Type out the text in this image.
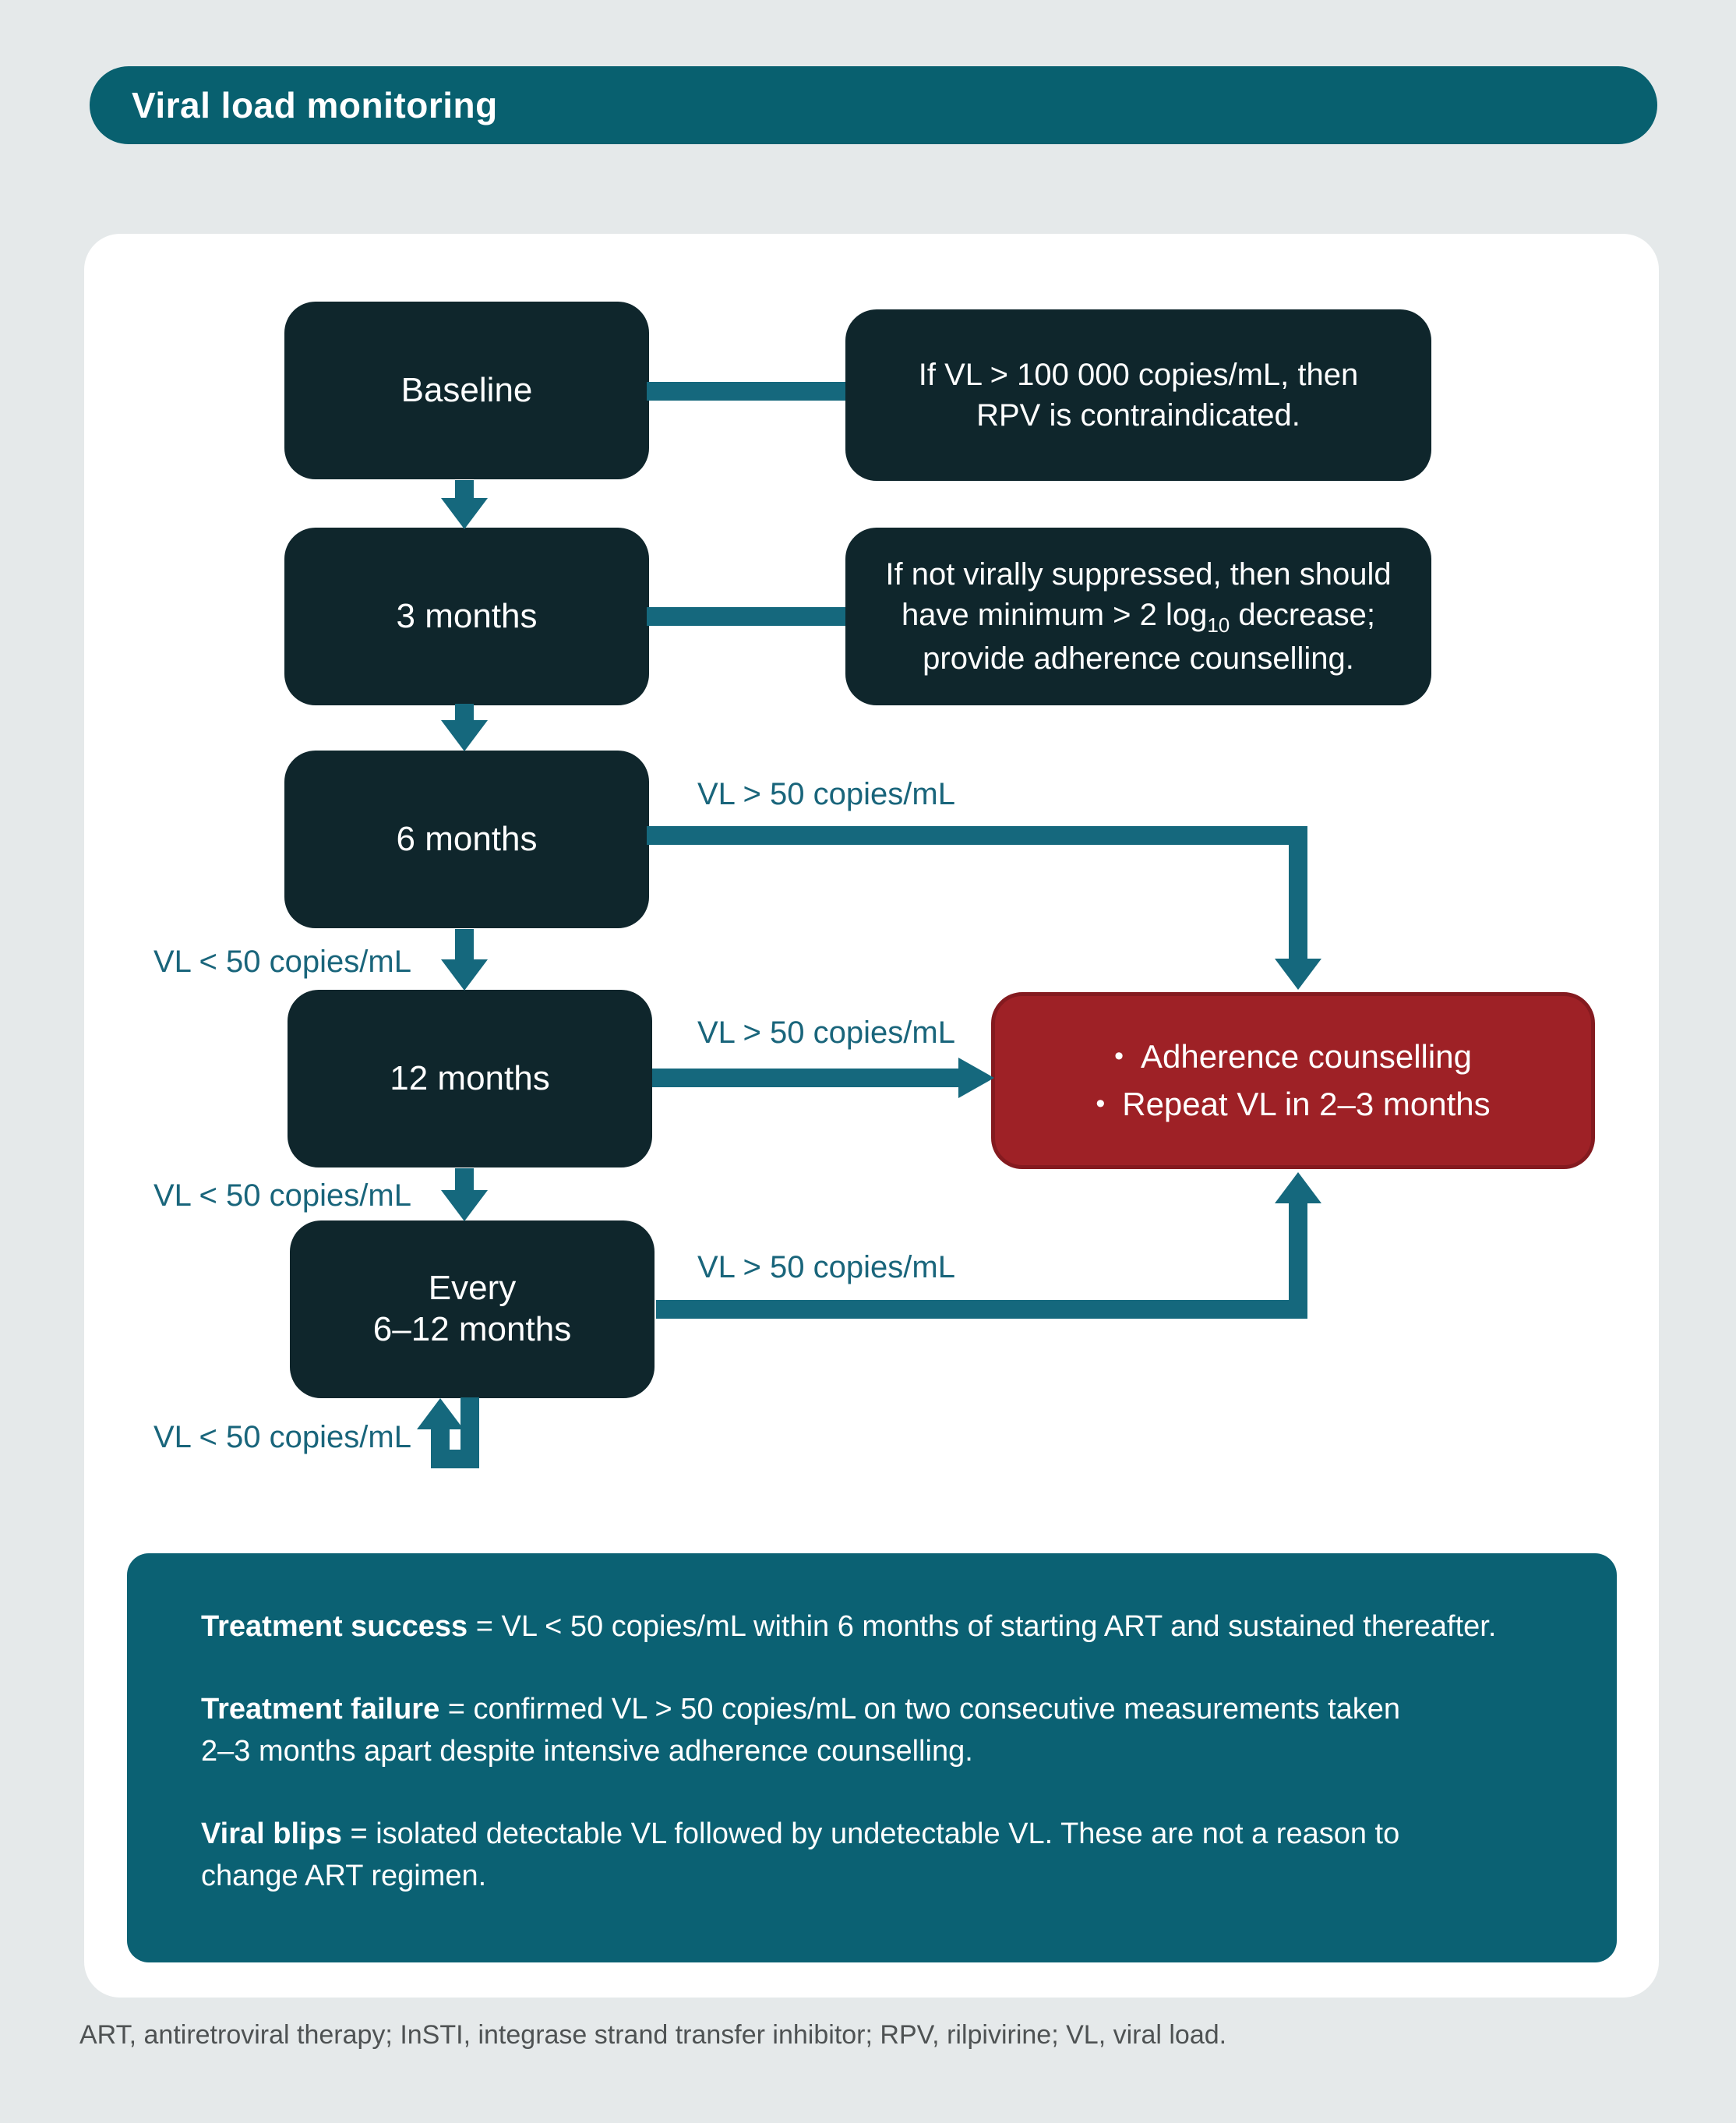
Viral load monitoring
Baseline
3 months
6 months
12 months
Every
6–12 months
If VL > 100 000 copies/mL, then
RPV is contraindicated.
If not virally suppressed, then should
have minimum > 2 $\log_{10}$ decrease;
provide adherence counselling.
• Adherence counselling
• Repeat VL in 2–3 months
VL > 50 copies/mL
VL > 50 copies/mL
VL > 50 copies/mL
VL < 50 copies/mL
VL < 50 copies/mL
VL < 50 copies/mL

Treatment success = VL < 50 copies/mL within 6 months of starting ART and sustained thereafter.

Treatment failure = confirmed VL > 50 copies/mL on two consecutive measurements taken
2–3 months apart despite intensive adherence counselling.

Viral blips = isolated detectable VL followed by undetectable VL. These are not a reason to
change ART regimen.

ART, antiretroviral therapy; InSTI, integrase strand transfer inhibitor; RPV, rilpivirine; VL, viral load.
